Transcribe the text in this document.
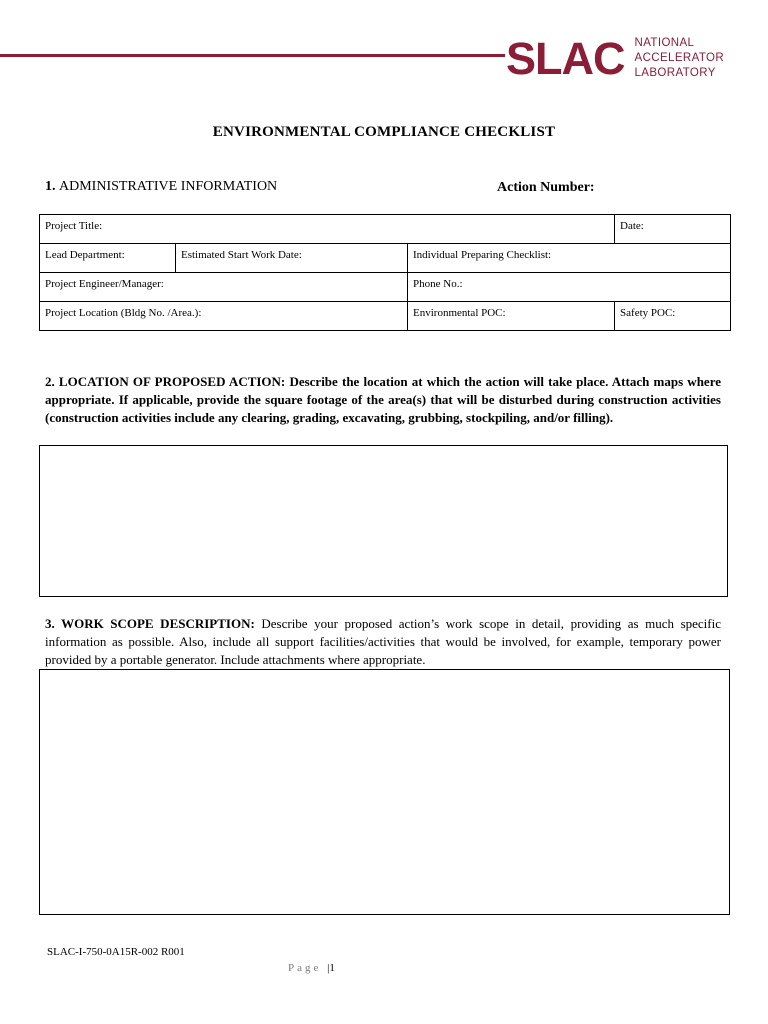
SLAC NATIONAL
ACCELERATOR
LABORATORY
ENVIRONMENTAL COMPLIANCE CHECKLIST
1. ADMINISTRATIVE INFORMATION	Action Number:
Project Title:			Date:
Lead Department:	Estimated Start Work Date:	Individual Preparing Checklist:	
Project Engineer/Manager:		Phone No.:	
Project Location (Bldg No. /Area.):		Environmental POC:	Safety POC:
2. LOCATION OF PROPOSED ACTION: Describe the location at which the action will take place. Attach maps where appropriate. If applicable, provide the square footage of the area(s) that will be disturbed during construction activities (construction activities include any clearing, grading, excavating, grubbing, stockpiling, and/or filling).
3. WORK SCOPE DESCRIPTION: Describe your proposed action’s work scope in detail, providing as much specific information as possible. Also, include all support facilities/activities that would be involved, for example, temporary power provided by a portable generator. Include attachments where appropriate.
SLAC-I-750-0A15R-002 R001
Page |1
